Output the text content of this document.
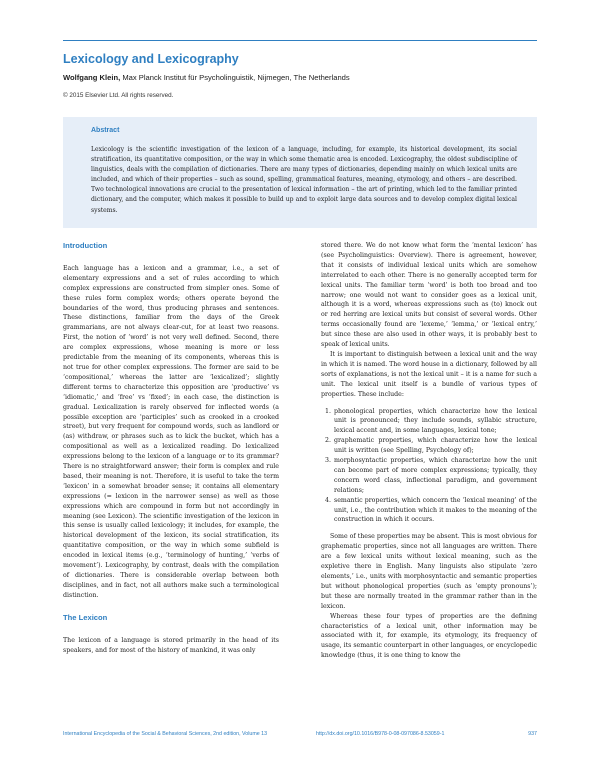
Lexicology and Lexicography
Wolfgang Klein, Max Planck Institut für Psycholinguistik, Nijmegen, The Netherlands
© 2015 Elsevier Ltd. All rights reserved.
Abstract
Lexicology is the scientific investigation of the lexicon of a language, including, for example, its historical development, its social stratification, its quantitative composition, or the way in which some thematic area is encoded. Lexicography, the oldest subdiscipline of linguistics, deals with the compilation of dictionaries. There are many types of dictionaries, depending mainly on which lexical units are included, and which of their properties – such as sound, spelling, grammatical features, meaning, etymology, and others – are described. Two technological innovations are crucial to the presentation of lexical information – the art of printing, which led to the familiar printed dictionary, and the computer, which makes it possible to build up and to exploit large data sources and to develop complex digital lexical systems.
Introduction

Each language has a lexicon and a grammar, i.e., a set of elementary expressions and a set of rules according to which complex expressions are constructed from simpler ones. Some of these rules form complex words; others operate beyond the boundaries of the word, thus producing phrases and sentences. These distinctions, familiar from the days of the Greek grammarians, are not always clear-cut, for at least two reasons. First, the notion of ‘word’ is not very well defined. Second, there are complex expressions, whose meaning is more or less predictable from the meaning of its components, whereas this is not true for other complex expressions. The former are said to be ‘compositional,’ whereas the latter are ‘lexicalized’; slightly different terms to characterize this opposition are ‘productive’ vs ‘idiomatic,’ and ‘free’ vs ‘fixed’; in each case, the distinction is gradual. Lexicalization is rarely observed for inflected words (a possible exception are ‘participles’ such as crooked in a crooked street), but very frequent for compound words, such as landlord or (as) withdraw, or phrases such as to kick the bucket, which has a compositional as well as a lexicalized reading. Do lexicalized expressions belong to the lexicon of a language or to its grammar? There is no straightforward answer; their form is complex and rule based, their meaning is not. Therefore, it is useful to take the term ‘lexicon’ in a somewhat broader sense; it contains all elementary expressions (= lexicon in the narrower sense) as well as those expressions which are compound in form but not accordingly in meaning (see Lexicon). The scientific investigation of the lexicon in this sense is usually called lexicology; it includes, for example, the historical development of the lexicon, its social stratification, its quantitative composition, or the way in which some subfield is encoded in lexical items (e.g., ‘terminology of hunting,’ ‘verbs of movement’). Lexicography, by contrast, deals with the compilation of dictionaries. There is considerable overlap between both disciplines, and in fact, not all authors make such a terminological distinction.

The Lexicon

The lexicon of a language is stored primarily in the head of its speakers, and for most of the history of mankind, it was only

stored there. We do not know what form the ‘mental lexicon’ has (see Psycholinguistics: Overview). There is agreement, however, that it consists of individual lexical units which are somehow interrelated to each other. There is no generally accepted term for lexical units. The familiar term ‘word’ is both too broad and too narrow; one would not want to consider goes as a lexical unit, although it is a word, whereas expressions such as (to) knock out or red herring are lexical units but consist of several words. Other terms occasionally found are ‘lexeme,’ ‘lemma,’ or ‘lexical entry,’ but since these are also used in other ways, it is probably best to speak of lexical units.

It is important to distinguish between a lexical unit and the way in which it is named. The word house in a dictionary, followed by all sorts of explanations, is not the lexical unit – it is a name for such a unit. The lexical unit itself is a bundle of various types of properties. These include:

1. phonological properties, which characterize how the lexical unit is pronounced; they include sounds, syllabic structure, lexical accent and, in some languages, lexical tone;
2. graphematic properties, which characterize how the lexical unit is written (see Spelling, Psychology of);
3. morphosyntactic properties, which characterize how the unit can become part of more complex expressions; typically, they concern word class, inflectional paradigm, and government relations;
4. semantic properties, which concern the ‘lexical meaning’ of the unit, i.e., the contribution which it makes to the meaning of the construction in which it occurs.

Some of these properties may be absent. This is most obvious for graphematic properties, since not all languages are written. There are a few lexical units without lexical meaning, such as the expletive there in English. Many linguists also stipulate ‘zero elements,’ i.e., units with morphosyntactic and semantic properties but without phonological properties (such as ‘empty pronouns’); but these are normally treated in the grammar rather than in the lexicon.

Whereas these four types of properties are the defining characteristics of a lexical unit, other information may be associated with it, for example, its etymology, its frequency of usage, its semantic counterpart in other languages, or encyclopedic knowledge (thus, it is one thing to know the

International Encyclopedia of the Social & Behavioral Sciences, 2nd edition, Volume 13	http://dx.doi.org/10.1016/B978-0-08-097086-8.53059-1	937
